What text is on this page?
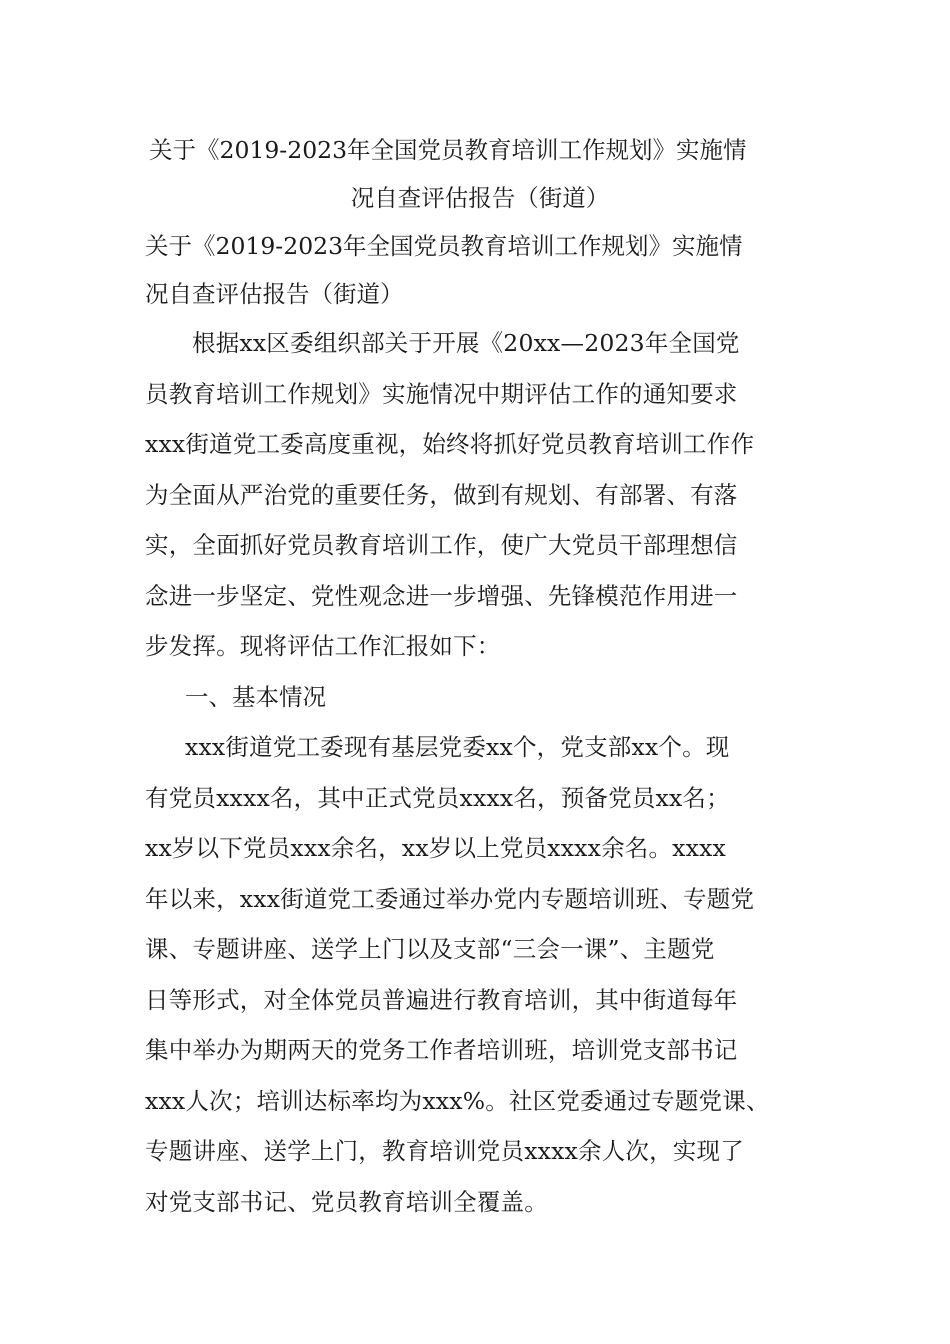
关于《2019-2023年全国党员教育培训工作规划》实施情
况自查评估报告（街道）

关于《2019-2023年全国党员教育培训工作规划》实施情
况自查评估报告（街道）

根据xx区委组织部关于开展《20xx—2023年全国党
员教育培训工作规划》实施情况中期评估工作的通知要求
xxx街道党工委高度重视，始终将抓好党员教育培训工作作
为全面从严治党的重要任务，做到有规划、有部署、有落
实，全面抓好党员教育培训工作，使广大党员干部理想信
念进一步坚定、党性观念进一步增强、先锋模范作用进一
步发挥。现将评估工作汇报如下：

一、基本情况

xxx街道党工委现有基层党委xx个，党支部xx个。现
有党员xxxx名，其中正式党员xxxx名，预备党员xx名；
xx岁以下党员xxx余名，xx岁以上党员xxxx余名。xxxx
年以来，xxx街道党工委通过举办党内专题培训班、专题党
课、专题讲座、送学上门以及支部“三会一课”、主题党
日等形式，对全体党员普遍进行教育培训，其中街道每年
集中举办为期两天的党务工作者培训班，培训党支部书记
xxx人次；培训达标率均为xxx%。社区党委通过专题党课、
专题讲座、送学上门，教育培训党员xxxx余人次，实现了
对党支部书记、党员教育培训全覆盖。
